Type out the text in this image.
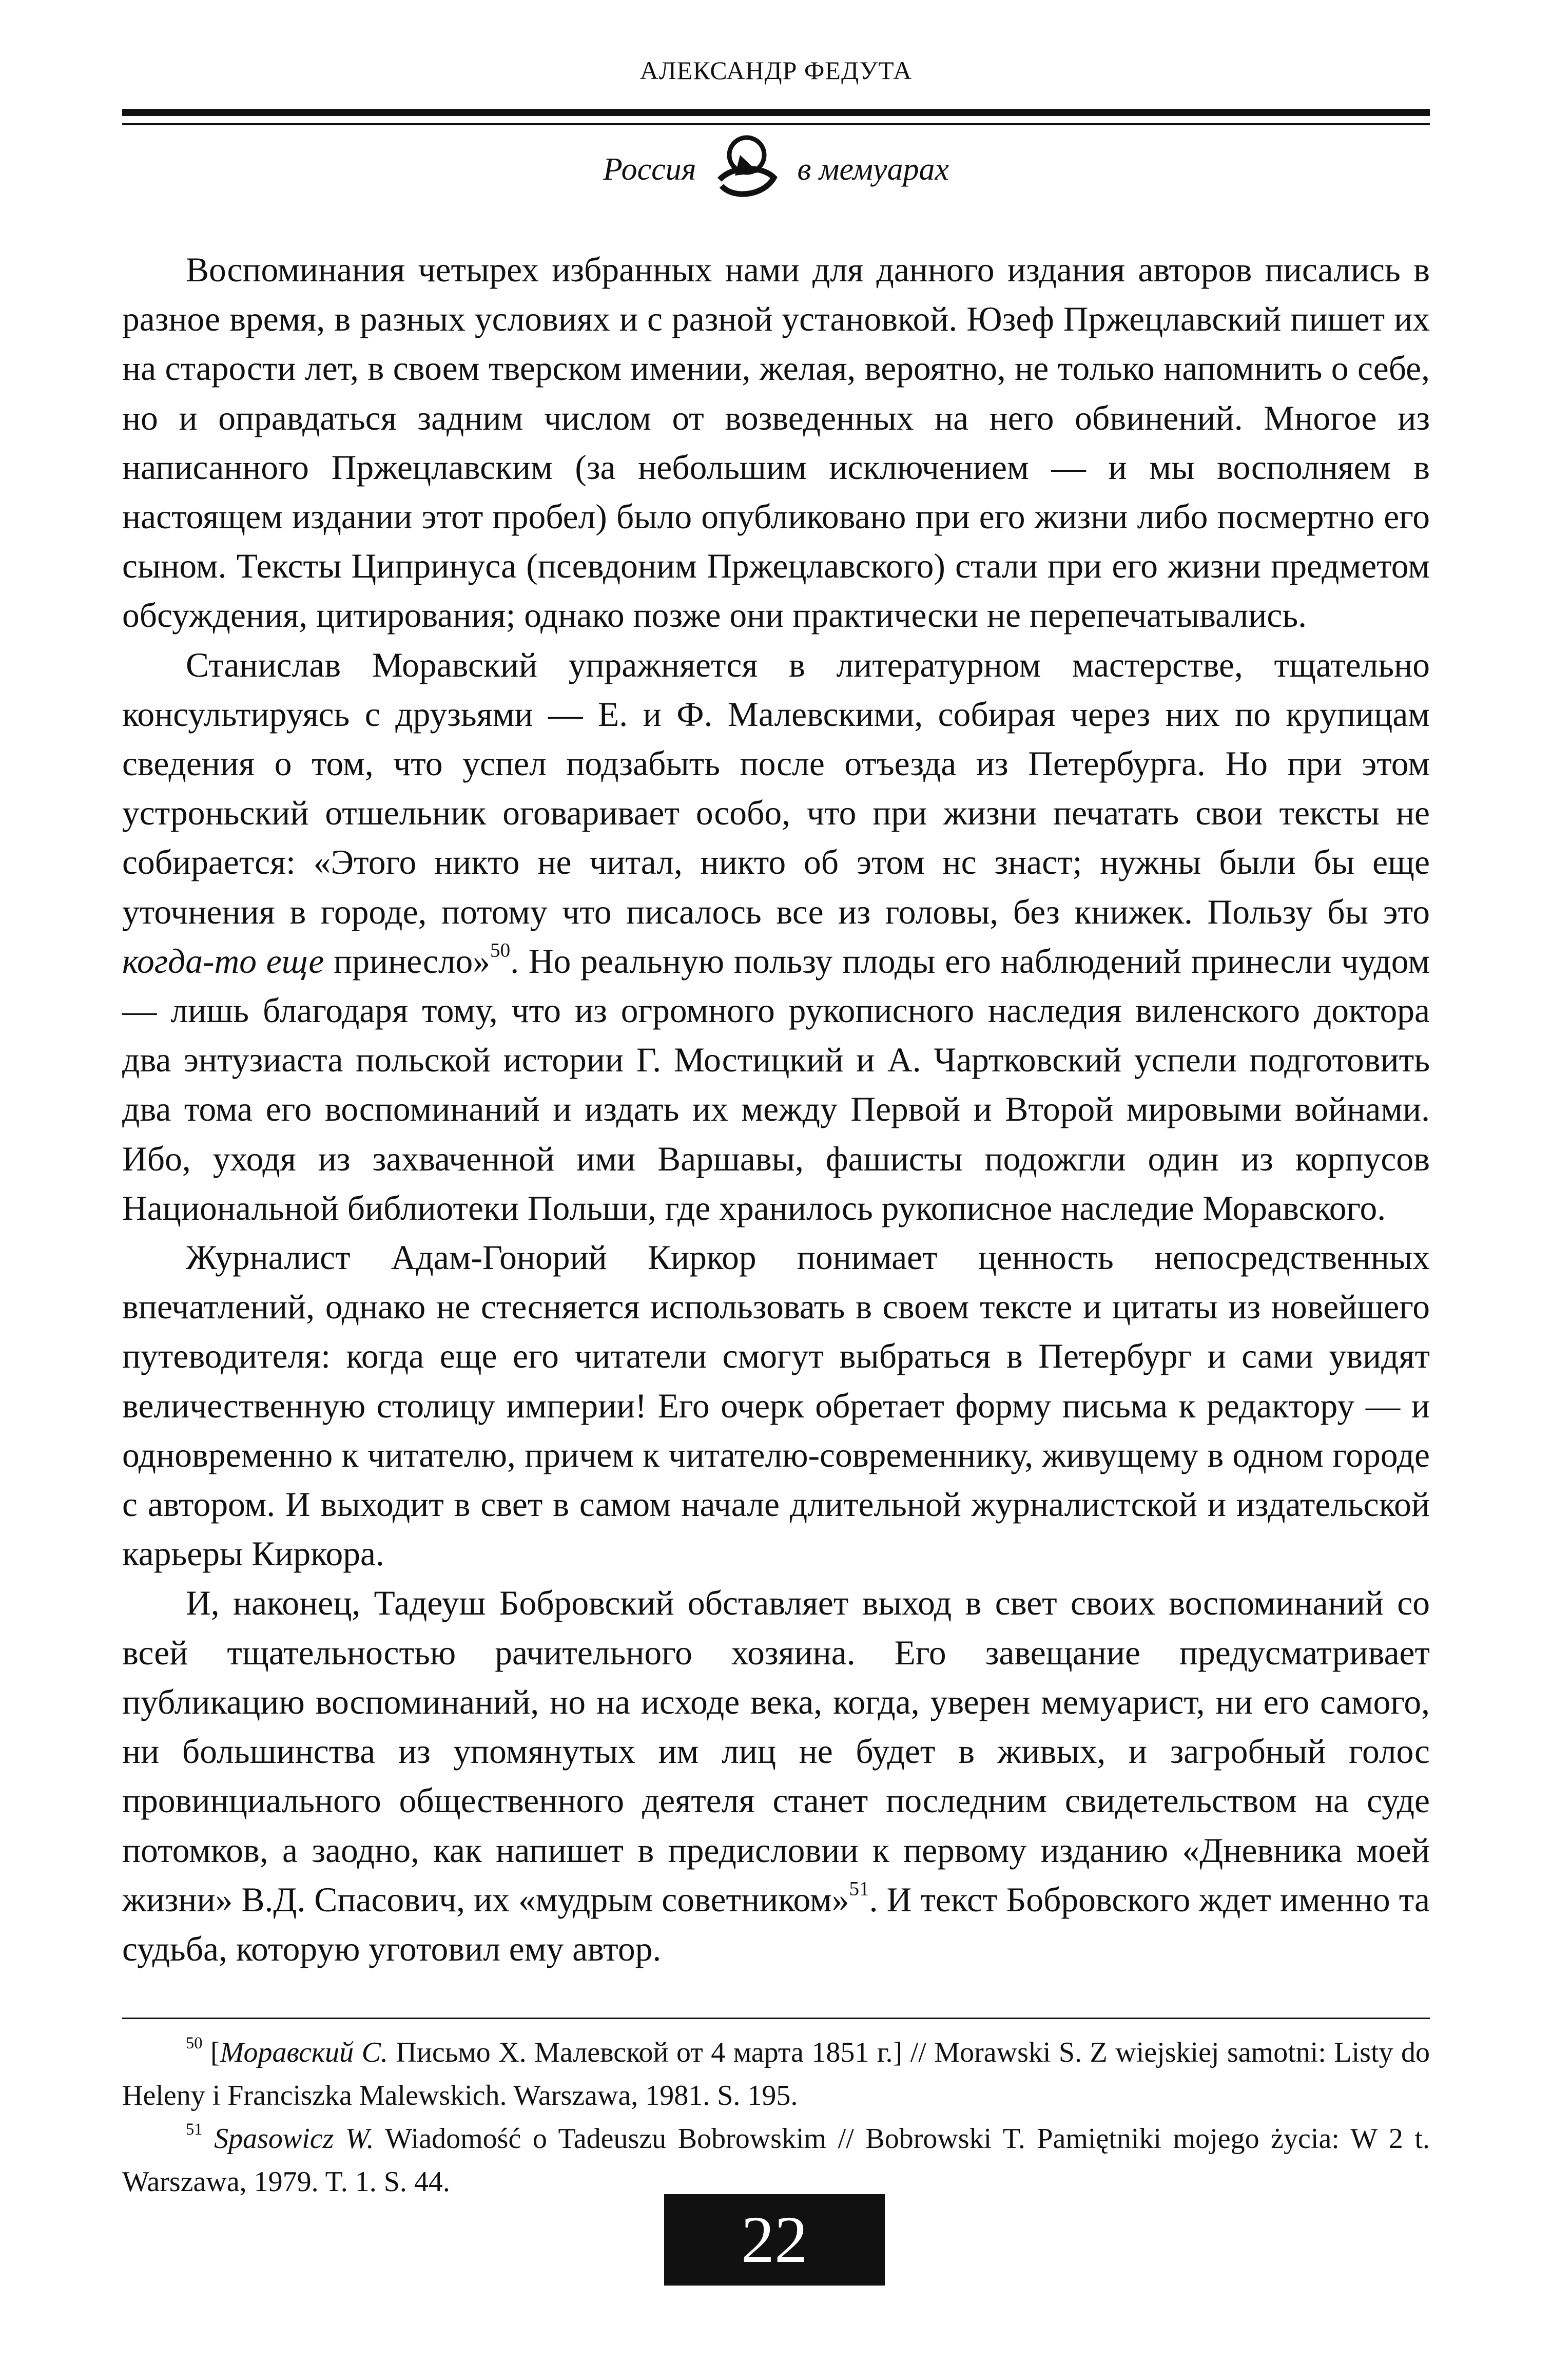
АЛЕКСАНДР ФЕДУТА
Россия	в мемуарах

Воспоминания четырех избранных нами для данного издания авторов писались в разное время, в разных условиях и с разной установкой. Юзеф Пржецлавский пишет их на старости лет, в своем тверском имении, желая, вероятно, не только напомнить о себе, но и оправдаться задним числом от возведенных на него обвинений. Многое из написанного Пржецлавским (за небольшим исключением — и мы восполняем в настоящем издании этот пробел) было опубликовано при его жизни либо посмертно его сыном. Тексты Ципринуса (псевдоним Пржецлавского) стали при его жизни предметом обсуждения, цитирования; однако позже они практически не перепечатывались.

Станислав Моравский упражняется в литературном мастерстве, тщательно консультируясь с друзьями — Е. и Ф. Малевскими, собирая через них по крупицам сведения о том, что успел подзабыть после отъезда из Петербурга. Но при этом устроньский отшельник оговаривает особо, что при жизни печатать свои тексты не собирается: «Этого никто не читал, никто об этом нс знаст; нужны были бы еще уточнения в городе, потому что писалось все из головы, без книжек. Пользу бы это когда-то еще принесло»$^{50}$. Но реальную пользу плоды его наблюдений принесли чудом — лишь благодаря тому, что из огромного рукописного наследия виленского доктора два энтузиаста польской истории Г. Мостицкий и А. Чартковский успели подготовить два тома его воспоминаний и издать их между Первой и Второй мировыми войнами. Ибо, уходя из захваченной ими Варшавы, фашисты подожгли один из корпусов Национальной библиотеки Польши, где хранилось рукописное наследие Моравского.

Журналист Адам-Гонорий Киркор понимает ценность непосредственных впечатлений, однако не стесняется использовать в своем тексте и цитаты из новейшего путеводителя: когда еще его читатели смогут выбраться в Петербург и сами увидят величественную столицу империи! Его очерк обретает форму письма к редактору — и одновременно к читателю, причем к читателю-современнику, живущему в одном городе с автором. И выходит в свет в самом начале длительной журналистской и издательской карьеры Киркора.

И, наконец, Тадеуш Бобровский обставляет выход в свет своих воспоминаний со всей тщательностью рачительного хозяина. Его завещание предусматривает публикацию воспоминаний, но на исходе века, когда, уверен мемуарист, ни его самого, ни большинства из упомянутых им лиц не будет в живых, и загробный голос провинциального общественного деятеля станет последним свидетельством на суде потомков, а заодно, как напишет в предисловии к первому изданию «Дневника моей жизни» В.Д. Спасович, их «мудрым советником»$^{51}$. И текст Бобровского ждет именно та судьба, которую уготовил ему автор.

$^{50}$ [Моравский С. Письмо Х. Малевской от 4 марта 1851 г.] // Morawski S. Z wiejskiej samotni: Listy do Heleny i Franciszka Malewskich. Warszawa, 1981. S. 195.

$^{51}$ Spasowicz W. Wiadomość o Tadeuszu Bobrowskim // Bobrowski T. Pamiętniki mojego życia: W 2 t. Warszawa, 1979. T. 1. S. 44.

22
